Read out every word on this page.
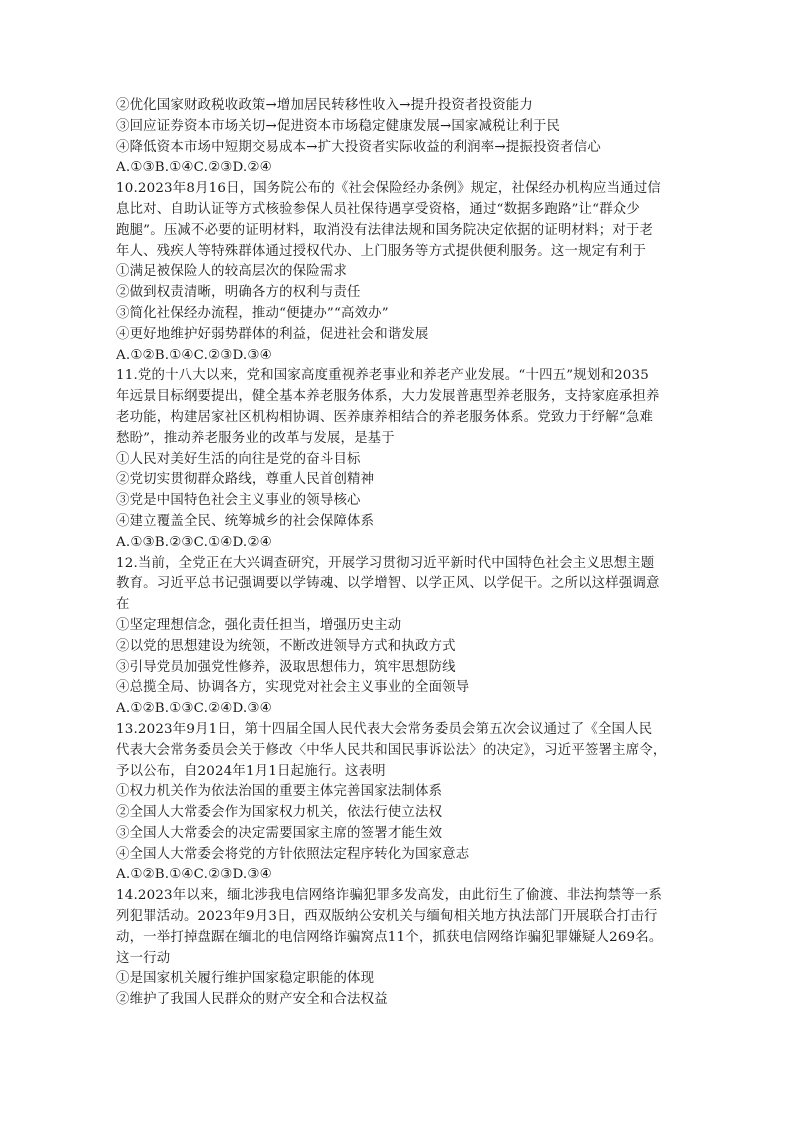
②优化国家财政税收政策→增加居民转移性收入→提升投资者投资能力
③回应证券资本市场关切→促进资本市场稳定健康发展→国家减税让利于民
④降低资本市场中短期交易成本→扩大投资者实际收益的利润率→提振投资者信心
A.①③B.①④C.②③D.②④
10.2023年8月16日，国务院公布的《社会保险经办条例》规定，社保经办机构应当通过信
息比对、自助认证等方式核验参保人员社保待遇享受资格，通过“数据多跑路”让“群众少
跑腿”。压减不必要的证明材料，取消没有法律法规和国务院决定依据的证明材料；对于老
年人、残疾人等特殊群体通过授权代办、上门服务等方式提供便利服务。这一规定有利于
①满足被保险人的较高层次的保险需求
②做到权责清晰，明确各方的权利与责任
③简化社保经办流程，推动“便捷办”“高效办”
④更好地维护好弱势群体的利益，促进社会和谐发展
A.①②B.①④C.②③D.③④
11.党的十八大以来，党和国家高度重视养老事业和养老产业发展。“十四五”规划和2035
年远景目标纲要提出，健全基本养老服务体系，大力发展普惠型养老服务，支持家庭承担养
老功能，构建居家社区机构相协调、医养康养相结合的养老服务体系。党致力于纾解“急难
愁盼”，推动养老服务业的改革与发展，是基于
①人民对美好生活的向往是党的奋斗目标
②党切实贯彻群众路线，尊重人民首创精神
③党是中国特色社会主义事业的领导核心
④建立覆盖全民、统筹城乡的社会保障体系
A.①③B.②③C.①④D.②④
12.当前，全党正在大兴调查研究，开展学习贯彻习近平新时代中国特色社会主义思想主题
教育。习近平总书记强调要以学铸魂、以学增智、以学正风、以学促干。之所以这样强调意
在
①坚定理想信念，强化责任担当，增强历史主动
②以党的思想建设为统领，不断改进领导方式和执政方式
③引导党员加强党性修养，汲取思想伟力，筑牢思想防线
④总揽全局、协调各方，实现党对社会主义事业的全面领导
A.①②B.①③C.②④D.③④
13.2023年9月1日，第十四届全国人民代表大会常务委员会第五次会议通过了《全国人民
代表大会常务委员会关于修改〈中华人民共和国民事诉讼法〉的决定》，习近平签署主席令，
予以公布，自2024年1月1日起施行。这表明
①权力机关作为依法治国的重要主体完善国家法制体系
②全国人大常委会作为国家权力机关，依法行使立法权
③全国人大常委会的决定需要国家主席的签署才能生效
④全国人大常委会将党的方针依照法定程序转化为国家意志
A.①②B.①④C.②③D.③④
14.2023年以来，缅北涉我电信网络诈骗犯罪多发高发，由此衍生了偷渡、非法拘禁等一系
列犯罪活动。2023年9月3日，西双版纳公安机关与缅甸相关地方执法部门开展联合打击行
动，一举打掉盘踞在缅北的电信网络诈骗窝点11个，抓获电信网络诈骗犯罪嫌疑人269名。
这一行动
①是国家机关履行维护国家稳定职能的体现
②维护了我国人民群众的财产安全和合法权益
